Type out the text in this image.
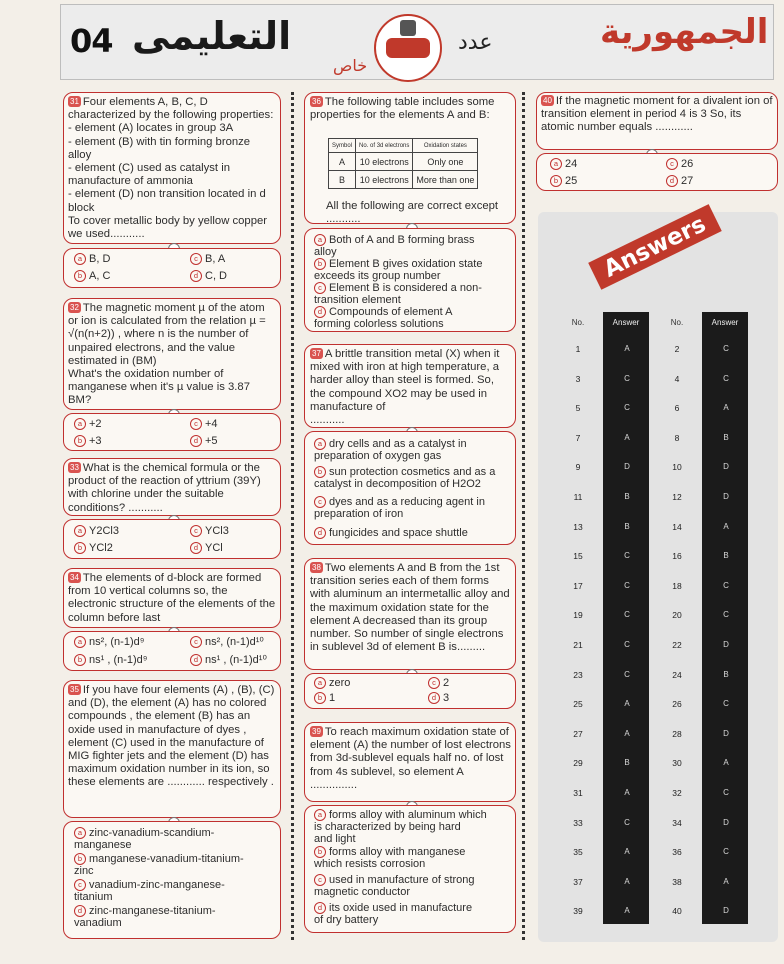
04 التعليمى	عدد
خاص
الجمهورية
31 Four elements A, B, C, D characterized by the following properties:
- element (A) locates in group 3A
- element (B) with tin forming bronze alloy
- element (C) used as catalyst in manufacture of ammonia
- element (D) non transition located in d block
To cover metallic body by yellow copper we used...........
a B, D	c B, A
b A, C	d C, D
32 The magnetic moment µ of the atom or ion is calculated from the relation µ = √(n(n+2)) , where n is the number of unpaired electrons, and the value estimated in (BM)
What's the oxidation number of manganese when it's µ value is 3.87 BM?
a +2	c +4
b +3	d +5
33 What is the chemical formula or the product of the reaction of yttrium (39Y) with chlorine under the suitable conditions? ...........
a Y2Cl3	c YCl3
b YCl2	d YCl
34 The elements of d-block are formed from 10 vertical columns so, the electronic structure of the elements of the column before last
a ns², (n-1)d⁹	c ns², (n-1)d¹⁰
b ns¹ , (n-1)d⁹	d ns¹ , (n-1)d¹⁰
35 If you have four elements (A) , (B), (C) and (D), the element (A) has no colored compounds , the element (B) has an oxide used in manufacture of dyes , element (C) used in the manufacture of MIG fighter jets and the element (D) has maximum oxidation number in its ion, so these elements are ............ respectively .
a zinc-vanadium-scandium-
manganese
b manganese-vanadium-titanium-
zinc
c vanadium-zinc-manganese-
titanium
d zinc-manganese-titanium-
vanadium
36 The following table includes some properties for the elements A and B:
Symbol	No. of 3d electrons	Oxidation states
A	10 electrons	Only one
B	10 electrons	More than one
All the following are correct except
...........
a Both of A and B forming brass
alloy
b Element B gives oxidation state
exceeds its group number
c Element B is considered a non-
transition element
d Compounds of element A
forming colorless solutions
37 A brittle transition metal (X) when it mixed with iron at high temperature, a harder alloy than steel is formed. So, the compound XO2 may be used in manufacture of
...........
a dry cells and as a catalyst in
preparation of oxygen gas
b sun protection cosmetics and as a
catalyst in decomposition of H2O2
c dyes and as a reducing agent in
preparation of iron
d fungicides and space shuttle
38 Two elements A and B from the 1st transition series each of them forms with aluminum an intermetallic alloy and the maximum oxidation state for the element A decreased than its group number. So number of single electrons in sublevel 3d of element B is.........
a zero	c 2
b 1	d 3
39 To reach maximum oxidation state of element (A) the number of lost electrons from 3d-sublevel equals half no. of lost from 4s sublevel, so element A ...............
a forms alloy with aluminum which
is characterized by being hard
and light
b forms alloy with manganese
which resists corrosion
c used in manufacture of strong
magnetic conductor
d its oxide used in manufacture
of dry battery
40 If the magnetic moment for a divalent ion of transition element in period 4 is 3 So, its atomic number equals ............
a 24	c 26
b 25	d 27
Answers
No.	Answer	No.	Answer
1	A	2	C
3	C	4	C
5	C	6	A
7	A	8	B
9	D	10	D
11	B	12	D
13	B	14	A
15	C	16	B
17	C	18	C
19	C	20	C
21	C	22	D
23	C	24	B
25	A	26	C
27	A	28	D
29	B	30	A
31	A	32	C
33	C	34	D
35	A	36	C
37	A	38	A
39	A	40	D
